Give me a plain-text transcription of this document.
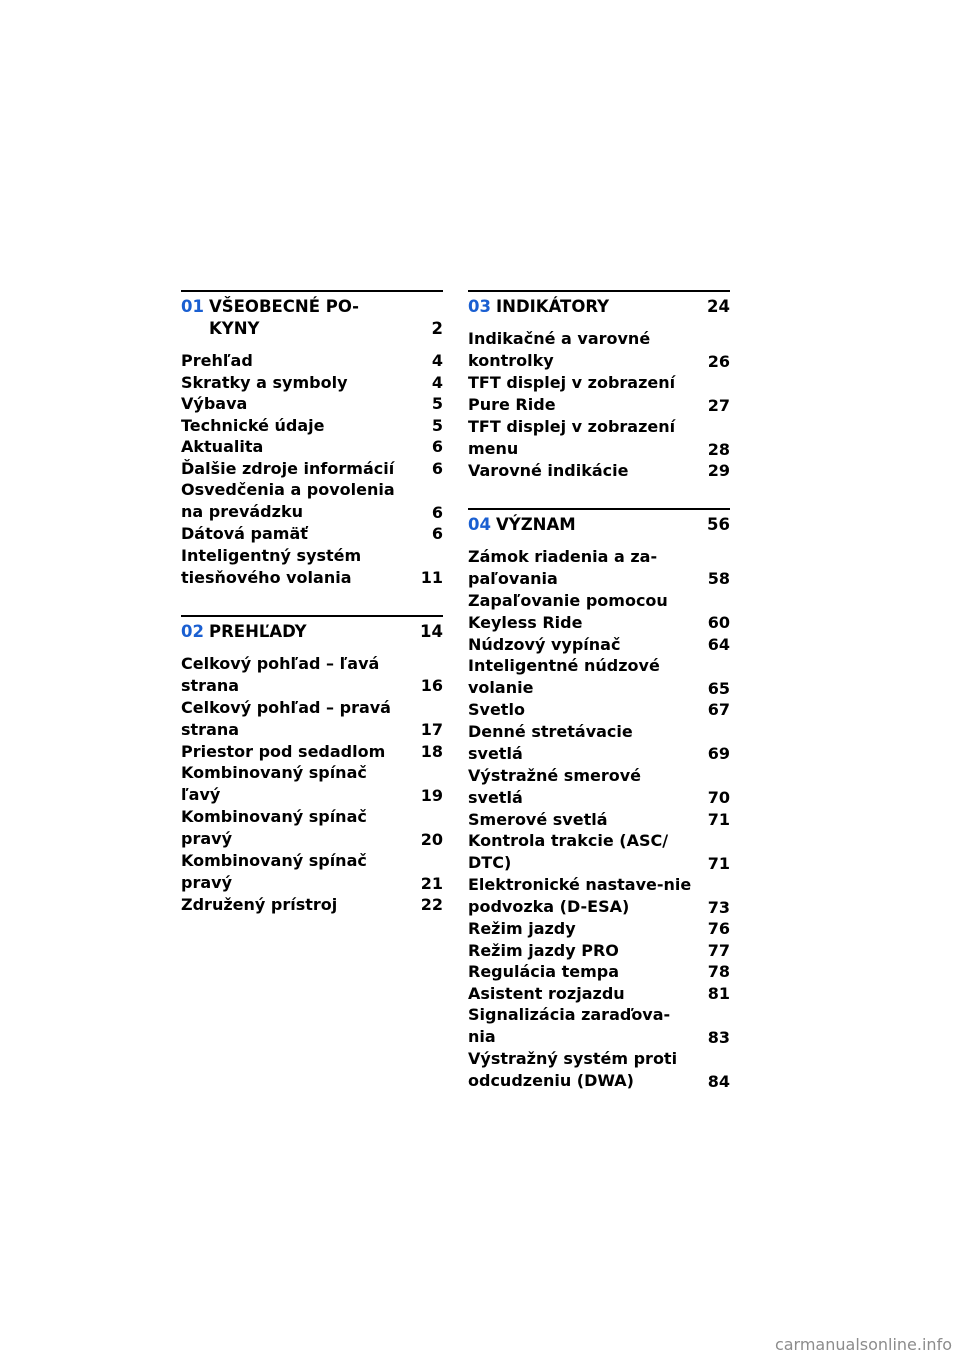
01 VŠEOBECNÉ PO-KYNY	2
Prehľad	4
Skratky a symboly	4
Výbava	5
Technické údaje	5
Aktualita	6
Ďalšie zdroje informácií	6
Osvedčenia a povolenia na prevádzku	6
Dátová pamäť	6
Inteligentný systém tiesňového volania	11
02 PREHĽADY	14
Celkový pohľad – ľavá strana	16
Celkový pohľad – pravá strana	17
Priestor pod sedadlom	18
Kombinovaný spínač ľavý	19
Kombinovaný spínač pravý	20
Kombinovaný spínač pravý	21
Združený prístroj	22
03 INDIKÁTORY	24
Indikačné a varovné kontrolky	26
TFT displej v zobrazení Pure Ride	27
TFT displej v zobrazení menu	28
Varovné indikácie	29
04 VÝZNAM	56
Zámok riadenia a za-paľovania	58
Zapaľovanie pomocou Keyless Ride	60
Núdzový vypínač	64
Inteligentné núdzové volanie	65
Svetlo	67
Denné stretávacie svetlá	69
Výstražné smerové svetlá	70
Smerové svetlá	71
Kontrola trakcie (ASC/ DTC)	71
Elektronické nastave-nie podvozka (D-ESA)	73
Režim jazdy	76
Režim jazdy PRO	77
Regulácia tempa	78
Asistent rozjazdu	81
Signalizácia zaraďova-nia	83
Výstražný systém proti odcudzeniu (DWA)	84
carmanualsonline.info
